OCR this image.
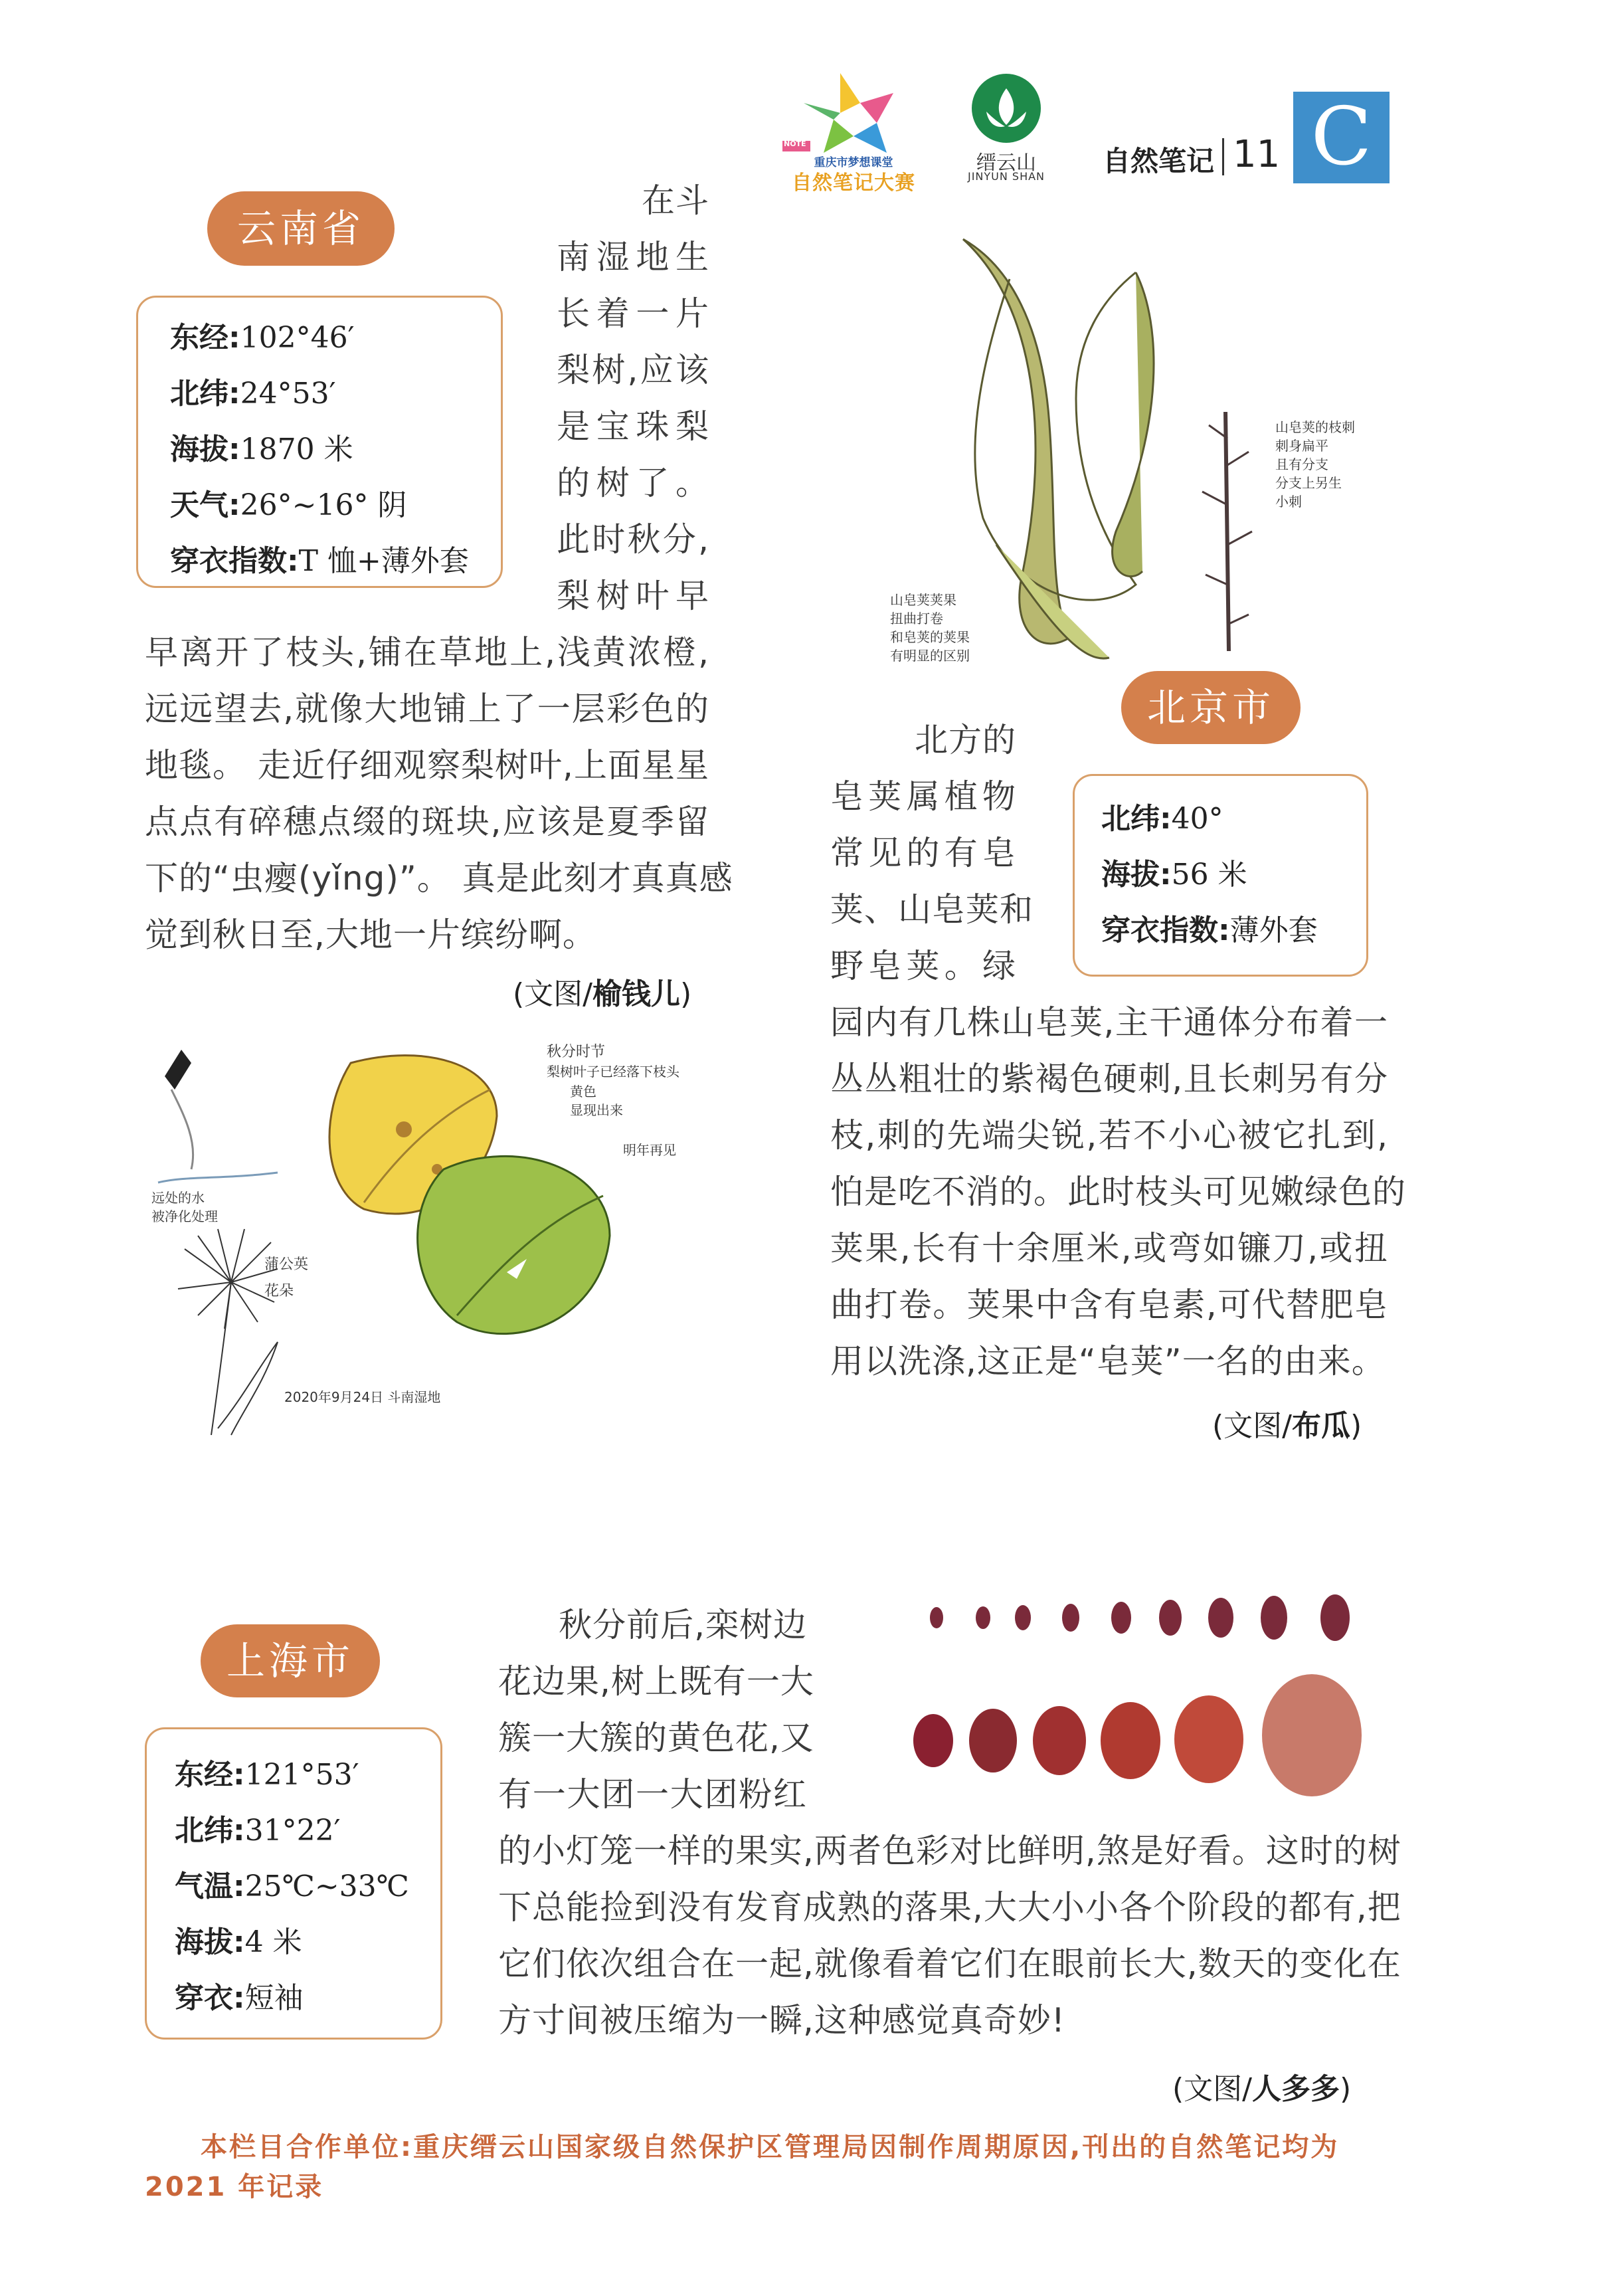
NOTE
重庆市梦想课堂
自然笔记大赛
缙云山
JINYUN SHAN	自然笔记 11 C
云南省
东经:102°46′
北纬:24°53′
海拔:1870 米
天气:26°~16° 阴
穿衣指数:T 恤+薄外套
在斗
南湿地生
长着一片
梨树,应该
是宝珠梨
的树了。
此时秋分,
梨树叶早
早离开了枝头,铺在草地上,浅黄浓橙,
远远望去,就像大地铺上了一层彩色的
地毯。 走近仔细观察梨树叶,上面星星
点点有碎穗点缀的斑块,应该是夏季留
下的“虫瘿(yǐng)”。 真是此刻才真真感
觉到秋日至,大地一片缤纷啊。
(文图/榆钱儿)
秋分时节
梨树叶子已经落下枝头
黄色
显现出来
明年再见
远处的水
被净化处理
蒲公英
花朵
2020年9月24日 斗南湿地
山皂荚荚果
扭曲打卷
和皂荚的荚果
有明显的区别
山皂荚的枝刺
刺身扁平
且有分支
分支上另生
小刺
北京市
北方的
皂荚属植物
常见的有皂
荚、山皂荚和
野皂荚。绿
北纬:40°
海拔:56 米
穿衣指数:薄外套
园内有几株山皂荚,主干通体分布着一
丛丛粗壮的紫褐色硬刺,且长刺另有分
枝,刺的先端尖锐,若不小心被它扎到,
怕是吃不消的。此时枝头可见嫩绿色的
荚果,长有十余厘米,或弯如镰刀,或扭
曲打卷。荚果中含有皂素,可代替肥皂
用以洗涤,这正是“皂荚”一名的由来。
(文图/布瓜)
上海市
东经:121°53′
北纬:31°22′
气温:25℃~33℃
海拔:4 米
穿衣:短袖
秋分前后,栾树边
花边果,树上既有一大
簇一大簇的黄色花,又
有一大团一大团粉红
的小灯笼一样的果实,两者色彩对比鲜明,煞是好看。这时的树
下总能捡到没有发育成熟的落果,大大小小各个阶段的都有,把
它们依次组合在一起,就像看着它们在眼前长大,数天的变化在
方寸间被压缩为一瞬,这种感觉真奇妙!
(文图/人多多)
本栏目合作单位:重庆缙云山国家级自然保护区管理局因制作周期原因,刊出的自然笔记均为 2021 年记录
